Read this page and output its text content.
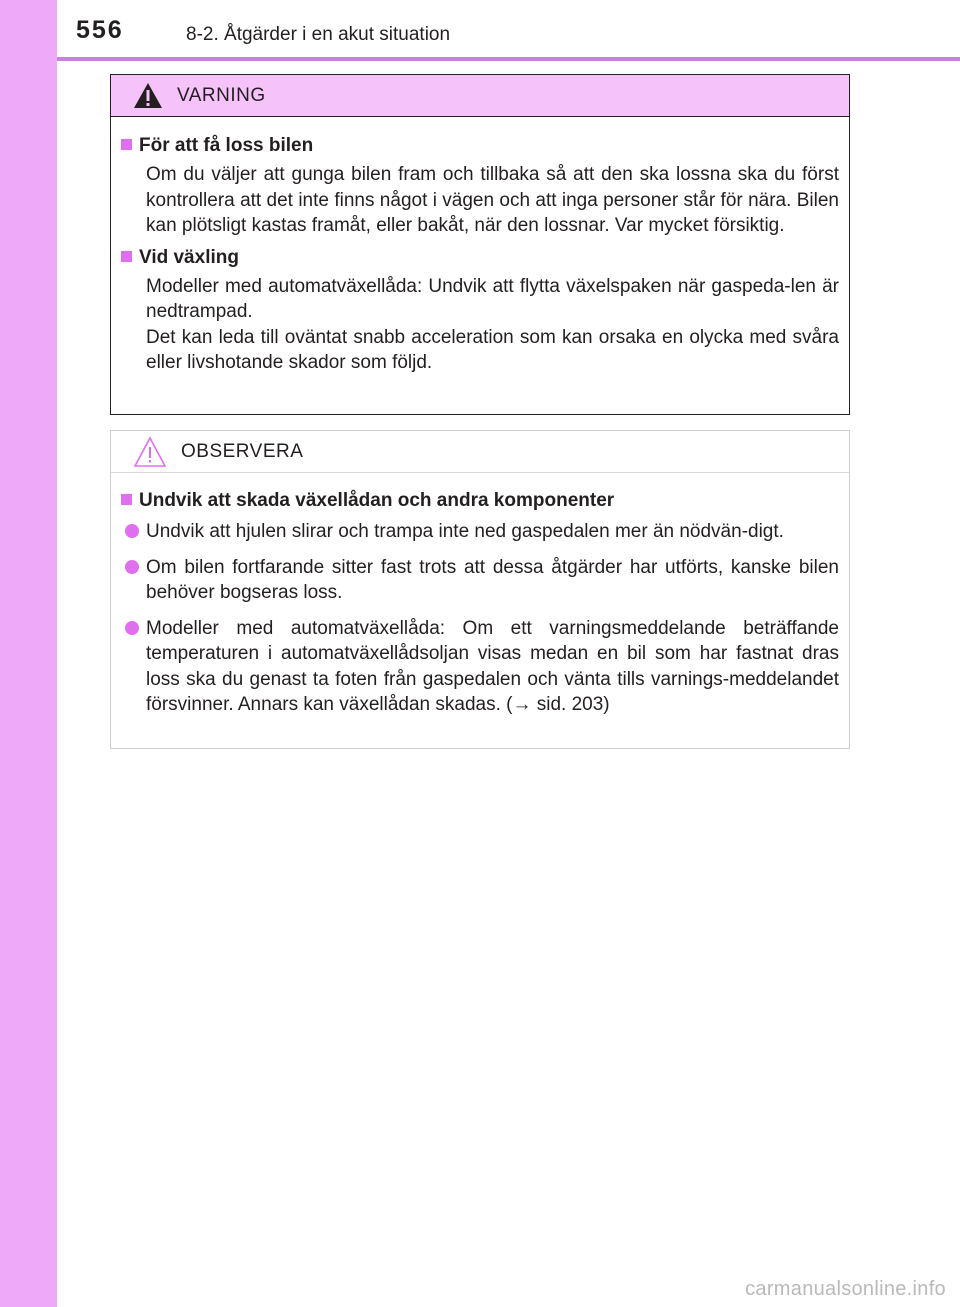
556	8-2. Åtgärder i en akut situation
VARNING
För att få loss bilen
Om du väljer att gunga bilen fram och tillbaka så att den ska lossna ska du först kontrollera att det inte finns något i vägen och att inga personer står för nära. Bilen kan plötsligt kastas framåt, eller bakåt, när den lossnar. Var mycket försiktig.
Vid växling
Modeller med automatväxellåda: Undvik att flytta växelspaken när gaspeda-len är nedtrampad.
Det kan leda till oväntat snabb acceleration som kan orsaka en olycka med svåra eller livshotande skador som följd.
OBSERVERA
Undvik att skada växellådan och andra komponenter
Undvik att hjulen slirar och trampa inte ned gaspedalen mer än nödvän-digt.
Om bilen fortfarande sitter fast trots att dessa åtgärder har utförts, kanske bilen behöver bogseras loss.
Modeller med automatväxellåda: Om ett varningsmeddelande beträffande temperaturen i automatväxellådsoljan visas medan en bil som har fastnat dras loss ska du genast ta foten från gaspedalen och vänta tills varnings-meddelandet försvinner. Annars kan växellådan skadas. (→ sid. 203)
carmanualsonline.info
